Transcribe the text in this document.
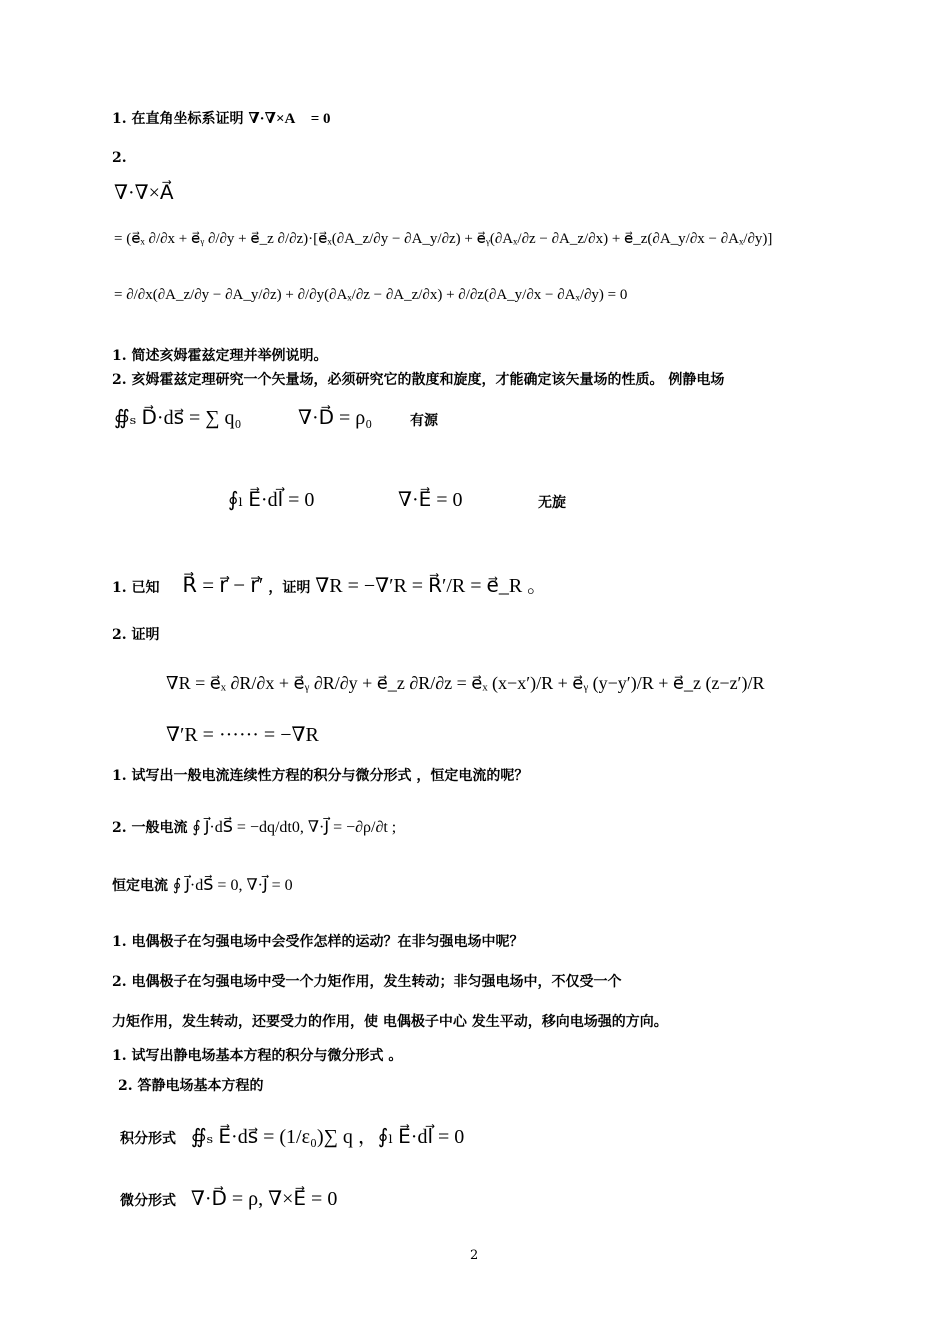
1. 在直角坐标系证明 ∇·∇×A⃗ = 0
2.
∇·∇×A⃗
= (e⃗ₓ ∂/∂x + e⃗ᵧ ∂/∂y + e⃗_z ∂/∂z)·[e⃗ₓ(∂A_z/∂y − ∂A_y/∂z) + e⃗ᵧ(∂Aₓ/∂z − ∂A_z/∂x) + e⃗_z(∂A_y/∂x − ∂Aₓ/∂y)]
= ∂/∂x(∂A_z/∂y − ∂A_y/∂z) + ∂/∂y(∂Aₓ/∂z − ∂A_z/∂x) + ∂/∂z(∂A_y/∂x − ∂Aₓ/∂y) = 0
1. 简述亥姆霍兹定理并举例说明。
2. 亥姆霍兹定理研究一个矢量场，必须研究它的散度和旋度，才能确定该矢量场的性质。 例静电场
∯ₛ D⃗·ds⃗ = ∑ q₀	∇·D⃗ = ρ₀	有源
∮ₗ E⃗·dl⃗ = 0	∇·E⃗ = 0	无旋
1. 已知 R⃗ = r⃗ − r⃗′ ，证明 ∇R = −∇′R = R⃗′/R = e⃗_R 。
2. 证明
∇R = e⃗ₓ ∂R/∂x + e⃗ᵧ ∂R/∂y + e⃗_z ∂R/∂z = e⃗ₓ (x−x′)/R + e⃗ᵧ (y−y′)/R + e⃗_z (z−z′)/R
∇′R = ······ = −∇R
1. 试写出一般电流连续性方程的积分与微分形式 ，恒定电流的呢？
2. 一般电流 ∮ J⃗·dS⃗ = −dq/dt0, ∇·J⃗ = −∂ρ/∂t ;
恒定电流 ∮ J⃗·dS⃗ = 0, ∇·J⃗ = 0
1. 电偶极子在匀强电场中会受作怎样的运动？在非匀强电场中呢？
2. 电偶极子在匀强电场中受一个力矩作用，发生转动；非匀强电场中，不仅受一个
力矩作用，发生转动，还要受力的作用，使 电偶极子中心 发生平动，移向电场强的方向。
1. 试写出静电场基本方程的积分与微分形式 。
2. 答静电场基本方程的
积分形式 ∯ₛ E⃗·ds⃗ = (1/ε₀)∑ q ，∮ₗ E⃗·dl⃗ = 0
微分形式 ∇·D⃗ = ρ, ∇×E⃗ = 0
2
